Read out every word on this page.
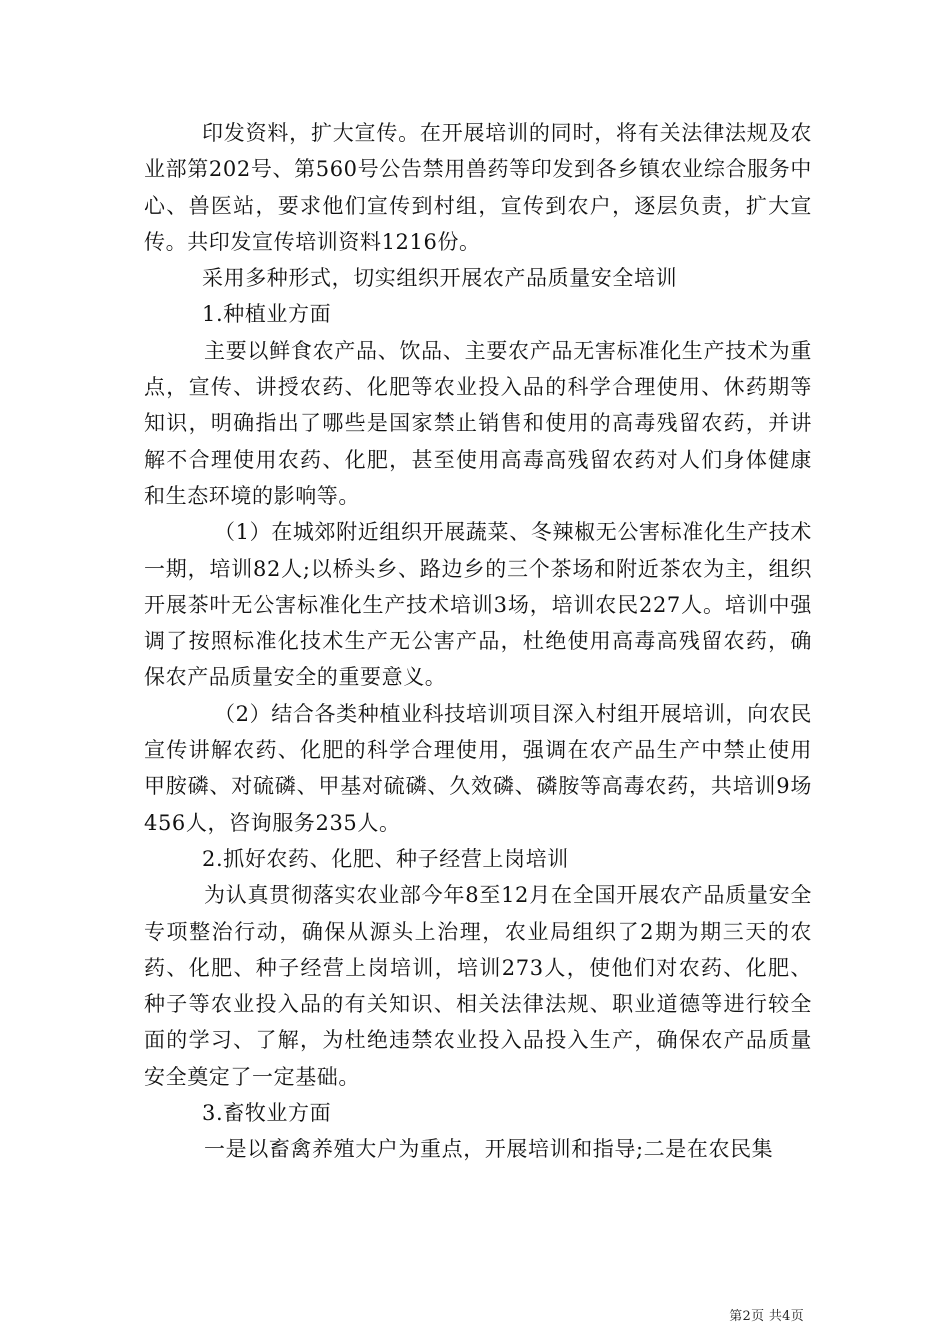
印发资料，扩大宣传。在开展培训的同时，将有关法律法规及农业部第202号、第560号公告禁用兽药等印发到各乡镇农业综合服务中心、兽医站，要求他们宣传到村组，宣传到农户，逐层负责，扩大宣传。共印发宣传培训资料1216份。

采用多种形式，切实组织开展农产品质量安全培训

1.种植业方面

主要以鲜食农产品、饮品、主要农产品无害标准化生产技术为重点，宣传、讲授农药、化肥等农业投入品的科学合理使用、休药期等知识，明确指出了哪些是国家禁止销售和使用的高毒残留农药，并讲解不合理使用农药、化肥，甚至使用高毒高残留农药对人们身体健康和生态环境的影响等。

（1）在城郊附近组织开展蔬菜、冬辣椒无公害标准化生产技术一期，培训82人;以桥头乡、路边乡的三个茶场和附近茶农为主，组织开展茶叶无公害标准化生产技术培训3场，培训农民227人。培训中强调了按照标准化技术生产无公害产品，杜绝使用高毒高残留农药，确保农产品质量安全的重要意义。

（2）结合各类种植业科技培训项目深入村组开展培训，向农民宣传讲解农药、化肥的科学合理使用，强调在农产品生产中禁止使用甲胺磷、对硫磷、甲基对硫磷、久效磷、磷胺等高毒农药，共培训9场456人，咨询服务235人。

2.抓好农药、化肥、种子经营上岗培训

为认真贯彻落实农业部今年8至12月在全国开展农产品质量安全专项整治行动，确保从源头上治理，农业局组织了2期为期三天的农药、化肥、种子经营上岗培训，培训273人，使他们对农药、化肥、种子等农业投入品的有关知识、相关法律法规、职业道德等进行较全面的学习、了解，为杜绝违禁农业投入品投入生产，确保农产品质量安全奠定了一定基础。

3.畜牧业方面

一是以畜禽养殖大户为重点，开展培训和指导;二是在农民集

第2页 共4页
